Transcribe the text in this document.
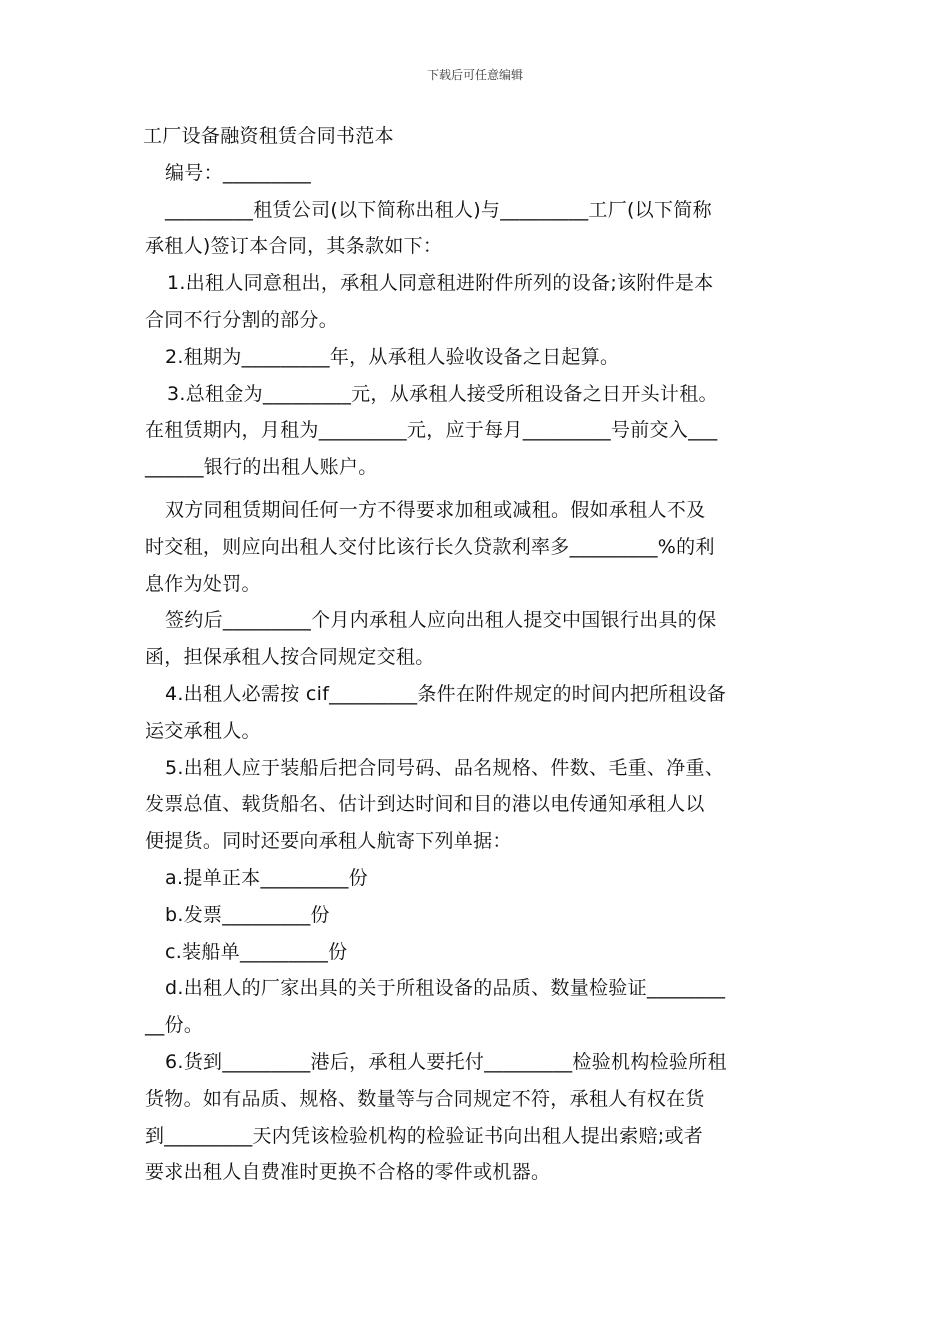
下载后可任意编辑
工厂设备融资租赁合同书范本
编号：_________
_________租赁公司(以下简称出租人)与_________工厂(以下简称
承租人)签订本合同，其条款如下：
1.出租人同意租出，承租人同意租进附件所列的设备;该附件是本
合同不行分割的部分。
2.租期为_________年，从承租人验收设备之日起算。
3.总租金为_________元，从承租人接受所租设备之日开头计租。
在租赁期内，月租为_________元，应于每月_________号前交入___
______银行的出租人账户。
双方同租赁期间任何一方不得要求加租或减租。假如承租人不及
时交租，则应向出租人交付比该行长久贷款利率多_________%的利
息作为处罚。
签约后_________个月内承租人应向出租人提交中国银行出具的保
函，担保承租人按合同规定交租。
4.出租人必需按 cif_________条件在附件规定的时间内把所租设备
运交承租人。
5.出租人应于装船后把合同号码、品名规格、件数、毛重、净重、
发票总值、载货船名、估计到达时间和目的港以电传通知承租人以
便提货。同时还要向承租人航寄下列单据：
a.提单正本_________份
b.发票_________份
c.装船单_________份
d.出租人的厂家出具的关于所租设备的品质、数量检验证________
__份。
6.货到_________港后，承租人要托付_________检验机构检验所租
货物。如有品质、规格、数量等与合同规定不符，承租人有权在货
到_________天内凭该检验机构的检验证书向出租人提出索赔;或者
要求出租人自费准时更换不合格的零件或机器。
